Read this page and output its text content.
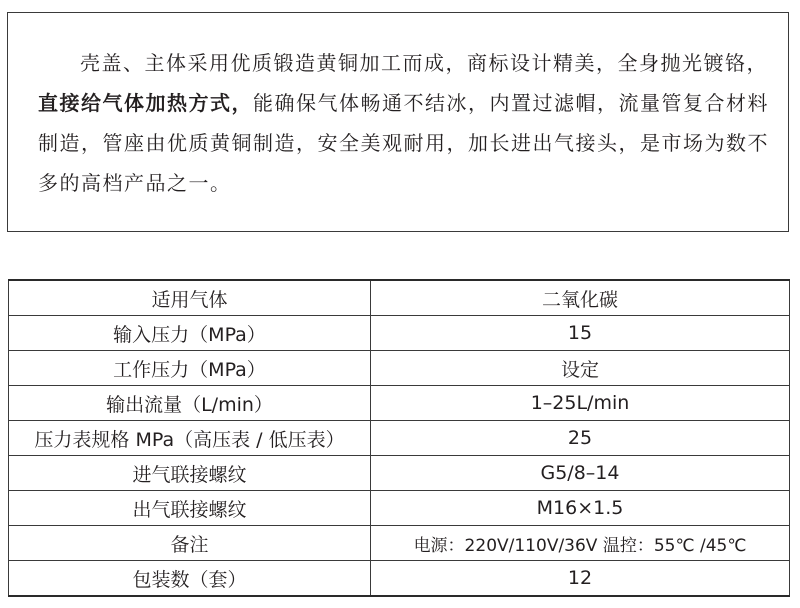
壳盖、主体采用优质锻造黄铜加工而成，商标设计精美，全身抛光镀铬，直接给气体加热方式，能确保气体畅通不结冰，内置过滤帽，流量管复合材料制造，管座由优质黄铜制造，安全美观耐用，加长进出气接头，是市场为数不多的高档产品之一。

适用气体	二氧化碳
输入压力（MPa）	15
工作压力（MPa）	设定
输出流量（L/min）	1–25L/min
压力表规格 MPa（高压表 / 低压表）	25
进气联接螺纹	G5/8–14
出气联接螺纹	M16×1.5
备注	电源：220V/110V/36V 温控：55℃ /45℃
包装数（套）	12
